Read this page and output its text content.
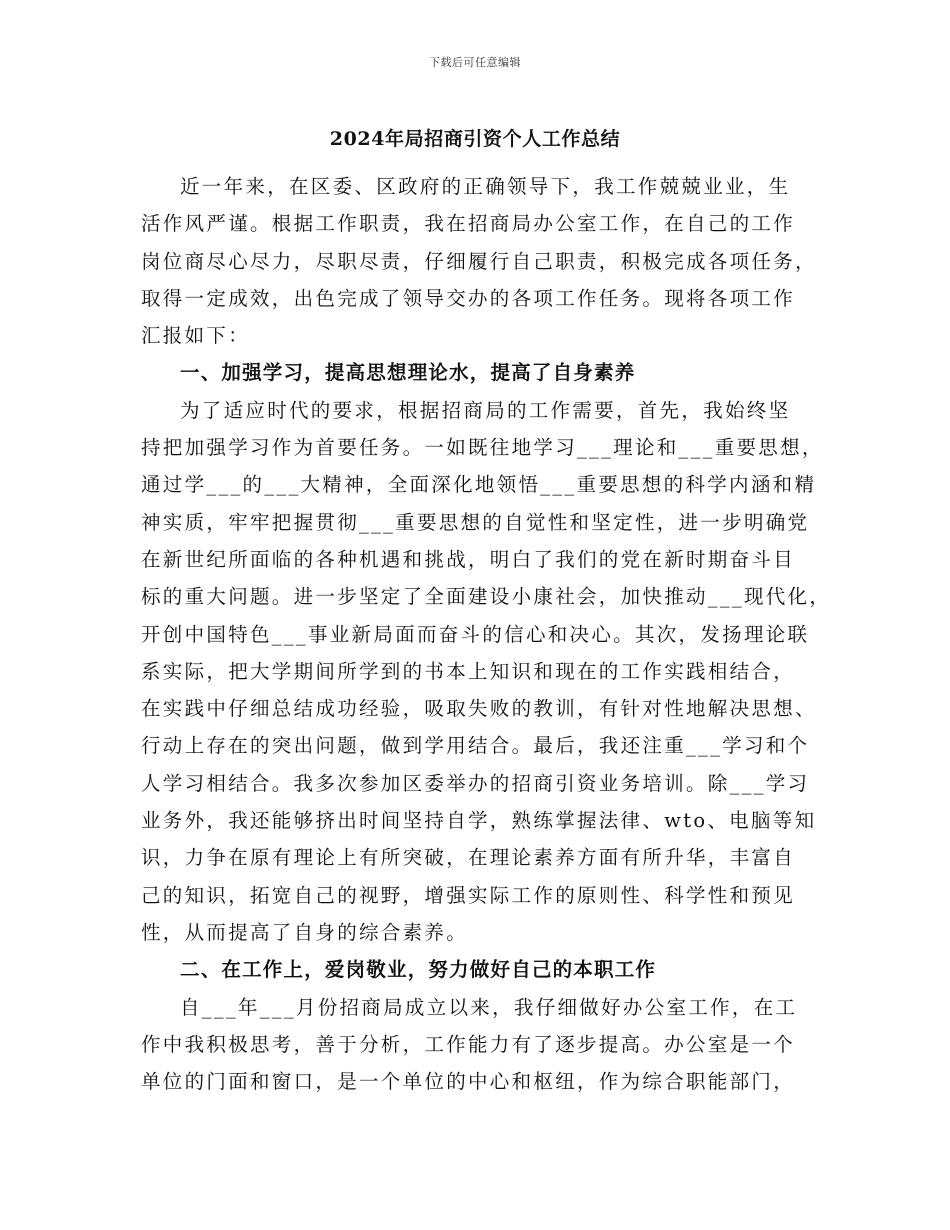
下载后可任意编辑
2024年局招商引资个人工作总结
近一年来，在区委、区政府的正确领导下，我工作兢兢业业，生
活作风严谨。根据工作职责，我在招商局办公室工作，在自己的工作
岗位商尽心尽力，尽职尽责，仔细履行自己职责，积极完成各项任务，
取得一定成效，出色完成了领导交办的各项工作任务。现将各项工作
汇报如下：
一、加强学习，提高思想理论水，提高了自身素养
为了适应时代的要求，根据招商局的工作需要，首先，我始终坚
持把加强学习作为首要任务。一如既往地学习___理论和___重要思想，
通过学___的___大精神，全面深化地领悟___重要思想的科学内涵和精
神实质，牢牢把握贯彻___重要思想的自觉性和坚定性，进一步明确党
在新世纪所面临的各种机遇和挑战，明白了我们的党在新时期奋斗目
标的重大问题。进一步坚定了全面建设小康社会，加快推动___现代化，
开创中国特色___事业新局面而奋斗的信心和决心。其次，发扬理论联
系实际，把大学期间所学到的书本上知识和现在的工作实践相结合，
在实践中仔细总结成功经验，吸取失败的教训，有针对性地解决思想、
行动上存在的突出问题，做到学用结合。最后，我还注重___学习和个
人学习相结合。我多次参加区委举办的招商引资业务培训。除___学习
业务外，我还能够挤出时间坚持自学，熟练掌握法律、wto、电脑等知
识，力争在原有理论上有所突破，在理论素养方面有所升华，丰富自
己的知识，拓宽自己的视野，增强实际工作的原则性、科学性和预见
性，从而提高了自身的综合素养。
二、在工作上，爱岗敬业，努力做好自己的本职工作
自___年___月份招商局成立以来，我仔细做好办公室工作，在工
作中我积极思考，善于分析，工作能力有了逐步提高。办公室是一个
单位的门面和窗口，是一个单位的中心和枢纽，作为综合职能部门，
